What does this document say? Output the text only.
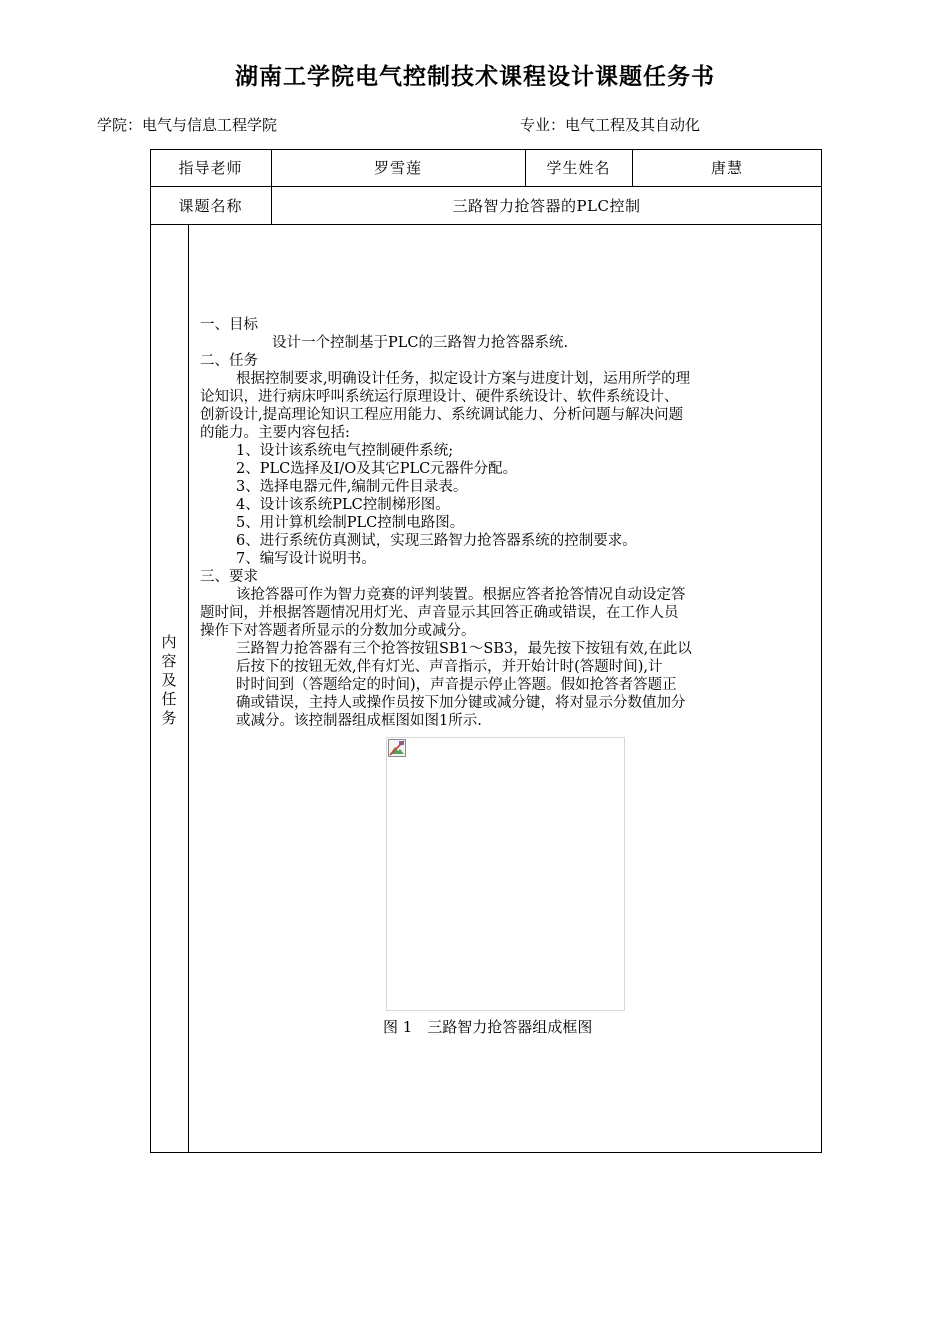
湖南工学院电气控制技术课程设计课题任务书
学院：电气与信息工程学院	专业：电气工程及其自动化
指导老师	罗雪莲	学生姓名	唐慧
课题名称	三路智力抢答器的PLC控制
内容及任务

一、目标

设计一个控制基于PLC的三路智力抢答器系统.

二、任务

根据控制要求,明确设计任务，拟定设计方案与进度计划，运用所学的理

论知识，进行病床呼叫系统运行原理设计、硬件系统设计、软件系统设计、

创新设计,提高理论知识工程应用能力、系统调试能力、分析问题与解决问题

的能力。主要内容包括:

1、设计该系统电气控制硬件系统;

2、PLC选择及I/O及其它PLC元器件分配。

3、选择电器元件,编制元件目录表。

4、设计该系统PLC控制梯形图。

5、用计算机绘制PLC控制电路图。

6、进行系统仿真测试，实现三路智力抢答器系统的控制要求。

7、编写设计说明书。

三、要求

该抢答器可作为智力竞赛的评判装置。根据应答者抢答情况自动设定答

题时间，并根据答题情况用灯光、声音显示其回答正确或错误，在工作人员

操作下对答题者所显示的分数加分或减分。

三路智力抢答器有三个抢答按钮SB1～SB3，最先按下按钮有效,在此以

后按下的按钮无效,伴有灯光、声音指示，并开始计时(答题时间),计

时时间到（答题给定的时间)，声音提示停止答题。假如抢答者答题正

确或错误，主持人或操作员按下加分键或减分键，将对显示分数值加分

或减分。该控制器组成框图如图1所示.

图 1　三路智力抢答器组成框图
